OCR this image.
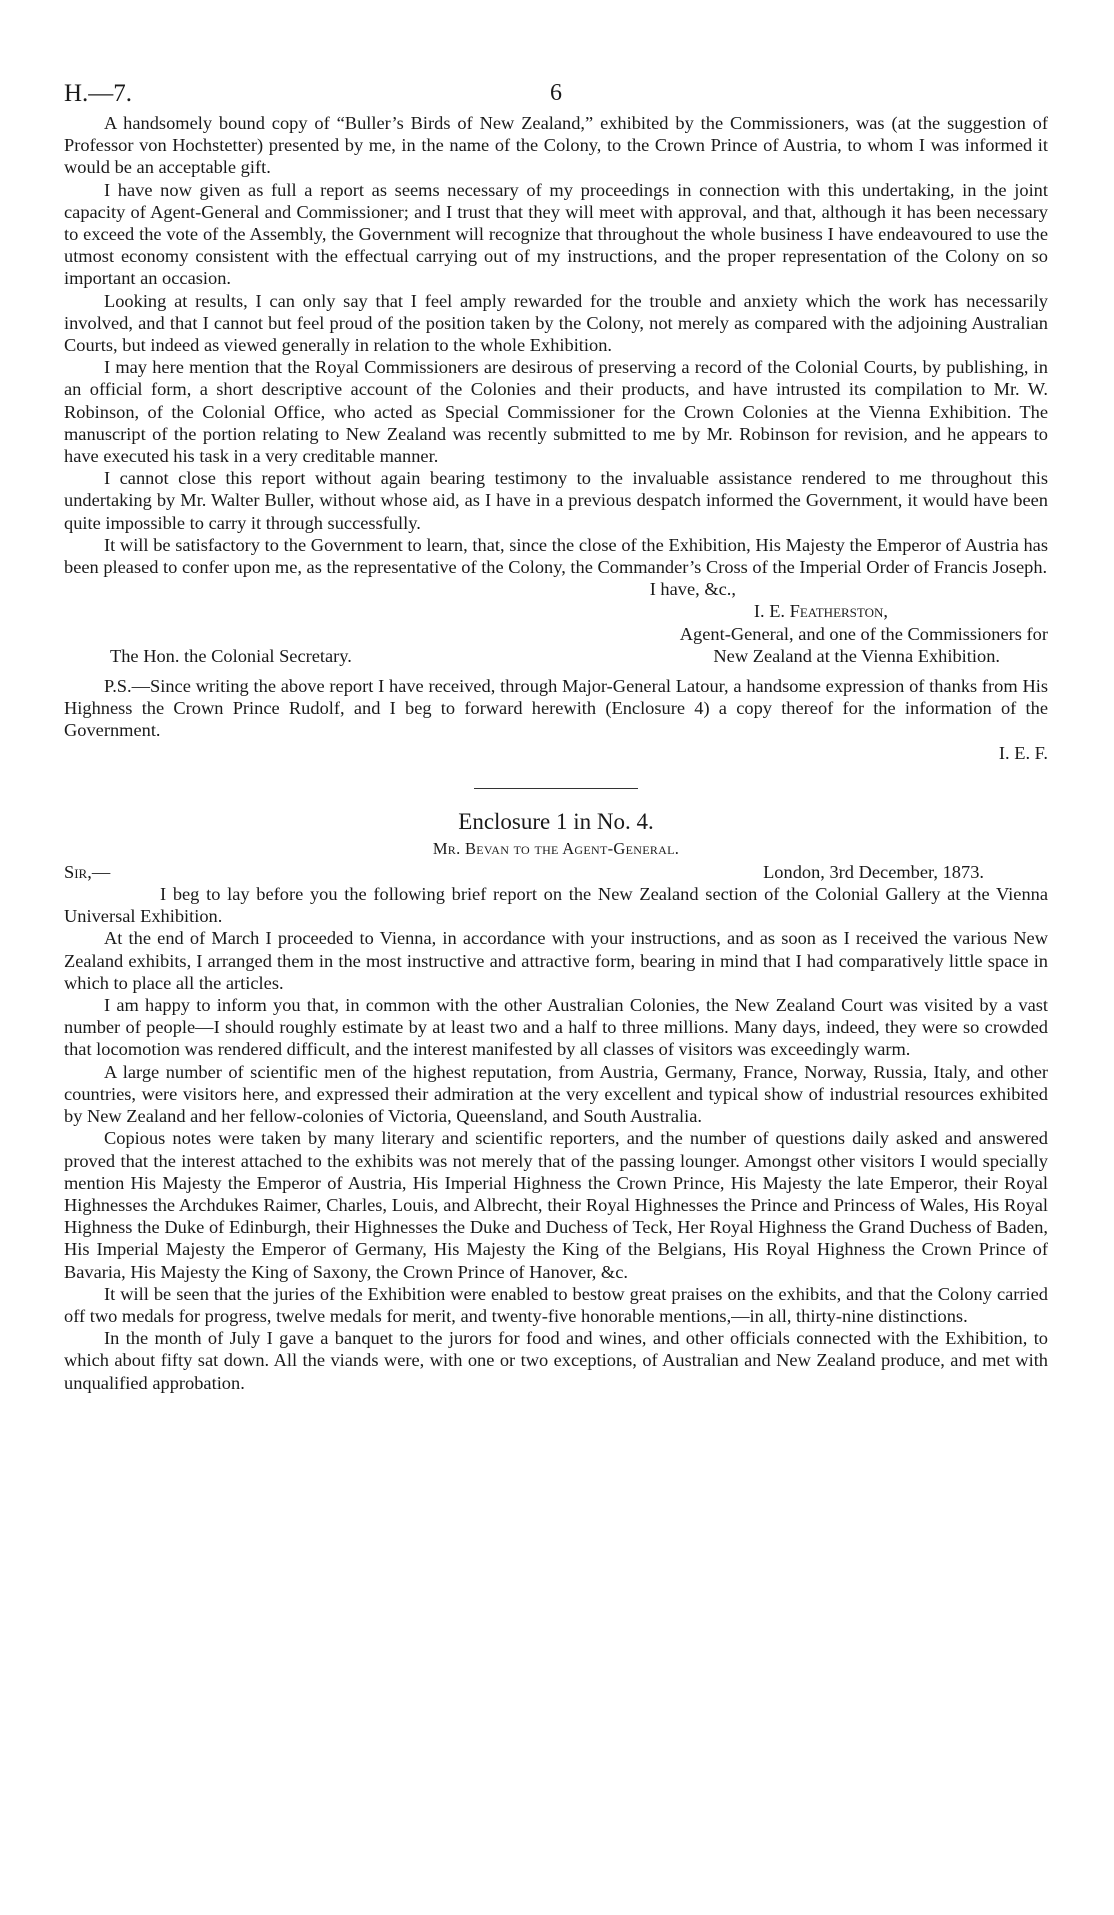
H.—7.	6

A handsomely bound copy of “Buller’s Birds of New Zealand,” exhibited by the Commissioners, was (at the suggestion of Professor von Hochstetter) presented by me, in the name of the Colony, to the Crown Prince of Austria, to whom I was informed it would be an acceptable gift.

I have now given as full a report as seems necessary of my proceedings in connection with this undertaking, in the joint capacity of Agent-General and Commissioner; and I trust that they will meet with approval, and that, although it has been necessary to exceed the vote of the Assembly, the Government will recognize that throughout the whole business I have endeavoured to use the utmost economy consistent with the effectual carrying out of my instructions, and the proper representation of the Colony on so important an occasion.

Looking at results, I can only say that I feel amply rewarded for the trouble and anxiety which the work has necessarily involved, and that I cannot but feel proud of the position taken by the Colony, not merely as compared with the adjoining Australian Courts, but indeed as viewed generally in relation to the whole Exhibition.

I may here mention that the Royal Commissioners are desirous of preserving a record of the Colonial Courts, by publishing, in an official form, a short descriptive account of the Colonies and their products, and have intrusted its compilation to Mr. W. Robinson, of the Colonial Office, who acted as Special Commissioner for the Crown Colonies at the Vienna Exhibition. The manuscript of the portion relating to New Zealand was recently submitted to me by Mr. Robinson for revision, and he appears to have executed his task in a very creditable manner.

I cannot close this report without again bearing testimony to the invaluable assistance rendered to me throughout this undertaking by Mr. Walter Buller, without whose aid, as I have in a previous despatch informed the Government, it would have been quite impossible to carry it through successfully.

It will be satisfactory to the Government to learn, that, since the close of the Exhibition, His Majesty the Emperor of Austria has been pleased to confer upon me, as the representative of the Colony, the Commander’s Cross of the Imperial Order of Francis Joseph.

I have, &c.,
I. E. Featherston,
Agent-General, and one of the Commissioners for
The Hon. the Colonial Secretary.	New Zealand at the Vienna Exhibition.

P.S.—Since writing the above report I have received, through Major-General Latour, a handsome expression of thanks from His Highness the Crown Prince Rudolf, and I beg to forward herewith (Enclosure 4) a copy thereof for the information of the Government.

I. E. F.
Enclosure 1 in No. 4.
Mr. Bevan to the Agent-General.
Sir,—	London, 3rd December, 1873.

I beg to lay before you the following brief report on the New Zealand section of the Colonial Gallery at the Vienna Universal Exhibition.

At the end of March I proceeded to Vienna, in accordance with your instructions, and as soon as I received the various New Zealand exhibits, I arranged them in the most instructive and attractive form, bearing in mind that I had comparatively little space in which to place all the articles.

I am happy to inform you that, in common with the other Australian Colonies, the New Zealand Court was visited by a vast number of people—I should roughly estimate by at least two and a half to three millions. Many days, indeed, they were so crowded that locomotion was rendered difficult, and the interest manifested by all classes of visitors was exceedingly warm.

A large number of scientific men of the highest reputation, from Austria, Germany, France, Norway, Russia, Italy, and other countries, were visitors here, and expressed their admiration at the very excellent and typical show of industrial resources exhibited by New Zealand and her fellow-colonies of Victoria, Queensland, and South Australia.

Copious notes were taken by many literary and scientific reporters, and the number of questions daily asked and answered proved that the interest attached to the exhibits was not merely that of the passing lounger. Amongst other visitors I would specially mention His Majesty the Emperor of Austria, His Imperial Highness the Crown Prince, His Majesty the late Emperor, their Royal Highnesses the Archdukes Raimer, Charles, Louis, and Albrecht, their Royal Highnesses the Prince and Princess of Wales, His Royal Highness the Duke of Edinburgh, their Highnesses the Duke and Duchess of Teck, Her Royal Highness the Grand Duchess of Baden, His Imperial Majesty the Emperor of Germany, His Majesty the King of the Belgians, His Royal Highness the Crown Prince of Bavaria, His Majesty the King of Saxony, the Crown Prince of Hanover, &c.

It will be seen that the juries of the Exhibition were enabled to bestow great praises on the exhibits, and that the Colony carried off two medals for progress, twelve medals for merit, and twenty-five honorable mentions,—in all, thirty-nine distinctions.

In the month of July I gave a banquet to the jurors for food and wines, and other officials connected with the Exhibition, to which about fifty sat down. All the viands were, with one or two exceptions, of Australian and New Zealand produce, and met with unqualified approbation.
